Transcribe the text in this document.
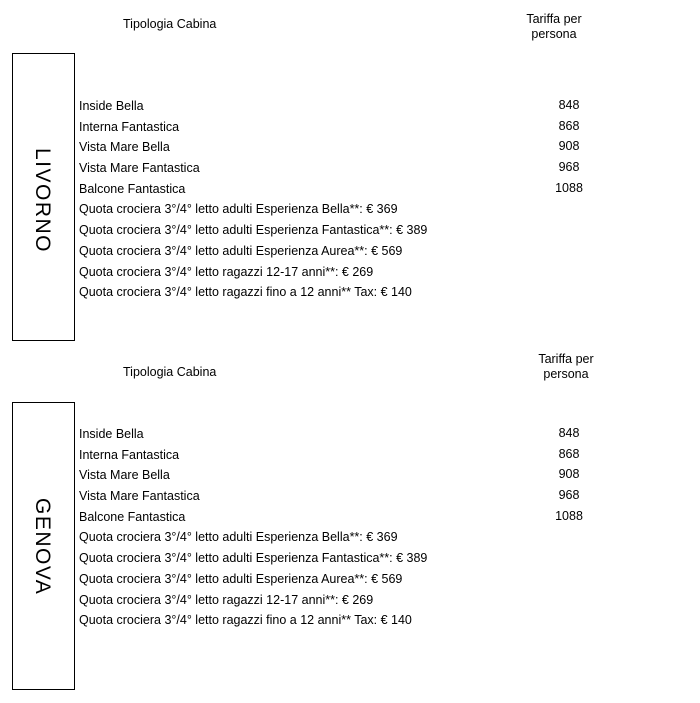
Tipologia Cabina	Tariffa per
persona
LIVORNO
Inside Bella	848
Interna Fantastica	868
Vista Mare Bella	908
Vista Mare Fantastica	968
Balcone Fantastica	1088
Quota crociera 3°/4° letto adulti Esperienza Bella**: € 369
Quota crociera 3°/4° letto adulti Esperienza Fantastica**: € 389
Quota crociera 3°/4° letto adulti Esperienza Aurea**: € 569
Quota crociera 3°/4° letto ragazzi 12-17 anni**: € 269
Quota crociera 3°/4° letto ragazzi fino a 12 anni** Tax: € 140
Tipologia Cabina
Tariffa per
persona
GENOVA
Inside Bella	848
Interna Fantastica	868
Vista Mare Bella	908
Vista Mare Fantastica	968
Balcone Fantastica	1088
Quota crociera 3°/4° letto adulti Esperienza Bella**: € 369
Quota crociera 3°/4° letto adulti Esperienza Fantastica**: € 389
Quota crociera 3°/4° letto adulti Esperienza Aurea**: € 569
Quota crociera 3°/4° letto ragazzi 12-17 anni**: € 269
Quota crociera 3°/4° letto ragazzi fino a 12 anni** Tax: € 140
